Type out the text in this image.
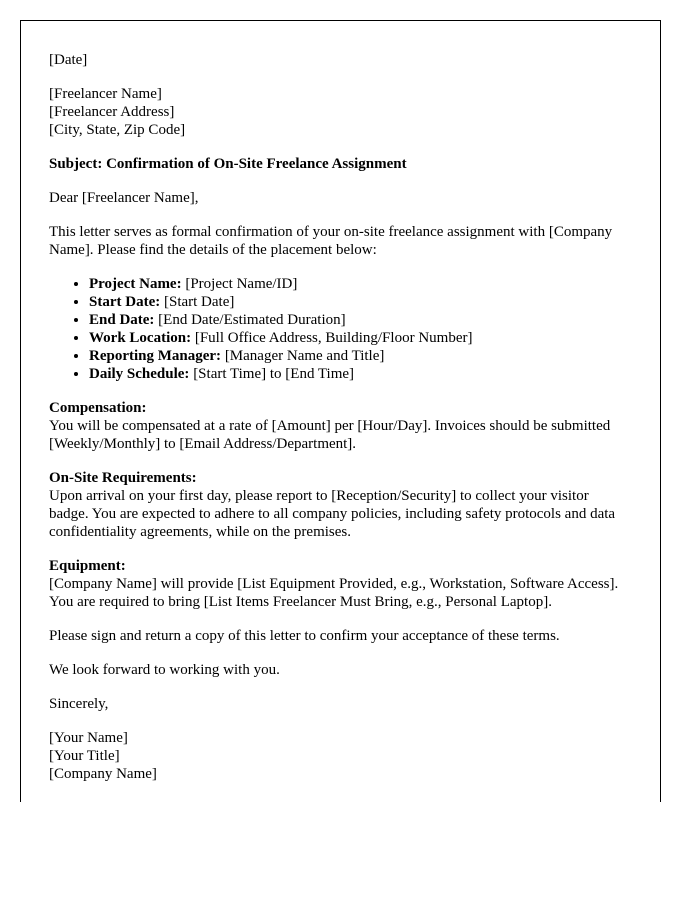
[Date]

[Freelancer Name]
[Freelancer Address]
[City, State, Zip Code]

Subject: Confirmation of On-Site Freelance Assignment

Dear [Freelancer Name],

This letter serves as formal confirmation of your on-site freelance assignment with [Company Name]. Please find the details of the placement below:

• Project Name: [Project Name/ID]
• Start Date: [Start Date]
• End Date: [End Date/Estimated Duration]
• Work Location: [Full Office Address, Building/Floor Number]
• Reporting Manager: [Manager Name and Title]
• Daily Schedule: [Start Time] to [End Time]

Compensation:
You will be compensated at a rate of [Amount] per [Hour/Day]. Invoices should be submitted [Weekly/Monthly] to [Email Address/Department].

On-Site Requirements:
Upon arrival on your first day, please report to [Reception/Security] to collect your visitor badge. You are expected to adhere to all company policies, including safety protocols and data confidentiality agreements, while on the premises.

Equipment:
[Company Name] will provide [List Equipment Provided, e.g., Workstation, Software Access]. You are required to bring [List Items Freelancer Must Bring, e.g., Personal Laptop].

Please sign and return a copy of this letter to confirm your acceptance of these terms.

We look forward to working with you.

Sincerely,

[Your Name]
[Your Title]
[Company Name]
